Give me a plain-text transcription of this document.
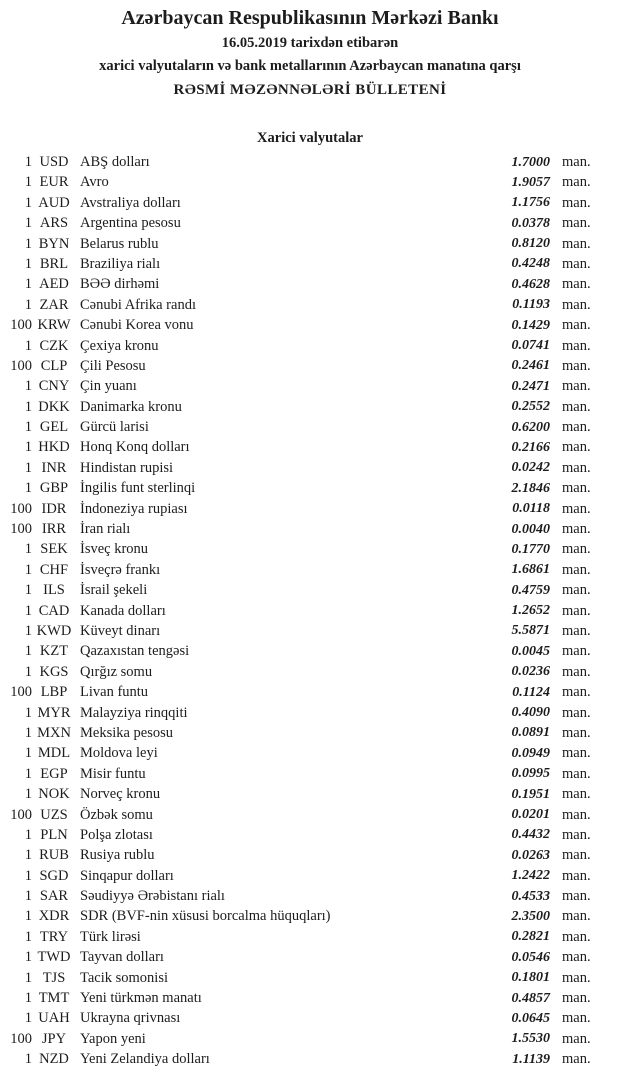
Azərbaycan Respublikasının Mərkəzi Bankı
16.05.2019 tarixdən etibarən
xarici valyutaların və bank metallarının Azərbaycan manatına qarşı
RƏSMİ MƏZƏNNƏLƏRİ BÜLLETENİ
Xarici valyutalar
1 USD ABŞ dolları	1.7000 man.
1 EUR Avro	1.9057 man.
1 AUD Avstraliya dolları	1.1756 man.
1 ARS Argentina pesosu	0.0378 man.
1 BYN Belarus rublu	0.8120 man.
1 BRL Braziliya rialı	0.4248 man.
1 AED BƏƏ dirhəmi	0.4628 man.
1 ZAR Cənubi Afrika randı	0.1193 man.
100 KRW Cənubi Korea vonu	0.1429 man.
1 CZK Çexiya kronu	0.0741 man.
100 CLP Çili Pesosu	0.2461 man.
1 CNY Çin yuanı	0.2471 man.
1 DKK Danimarka kronu	0.2552 man.
1 GEL Gürcü larisi	0.6200 man.
1 HKD Honq Konq dolları	0.2166 man.
1 INR Hindistan rupisi	0.0242 man.
1 GBP İngilis funt sterlinqi	2.1846 man.
100 IDR İndoneziya rupiası	0.0118 man.
100 IRR İran rialı	0.0040 man.
1 SEK İsveç kronu	0.1770 man.
1 CHF İsveçrə frankı	1.6861 man.
1 ILS	İsrail şekeli	0.4759 man.
1 CAD Kanada dolları	1.2652 man.
1 KWD Küveyt dinarı	5.5871 man.
1 KZT Qazaxıstan tengəsi	0.0045 man.
1 KGS Qırğız somu	0.0236 man.
100 LBP Livan funtu	0.1124 man.
1 MYR Malayziya rinqqiti	0.4090 man.
1 MXN Meksika pesosu	0.0891 man.
1 MDL Moldova leyi	0.0949 man.
1 EGP Misir funtu	0.0995 man.
1 NOK Norveç kronu	0.1951 man.
100 UZS Özbək somu	0.0201 man.
1 PLN Polşa zlotası	0.4432 man.
1 RUB Rusiya rublu	0.0263 man.
1 SGD Sinqapur dolları	1.2422 man.
1 SAR Səudiyyə Ərəbistanı rialı	0.4533 man.
1 XDR SDR (BVF-nin xüsusi borcalma hüquqları)	2.3500 man.
1 TRY Türk lirəsi	0.2821 man.
1 TWD Tayvan dolları	0.0546 man.
1 TJS	Tacik somonisi	0.1801 man.
1 TMT Yeni türkmən manatı	0.4857 man.
1 UAH Ukrayna qrivnası	0.0645 man.
100 JPY Yapon yeni	1.5530 man.
1 NZD Yeni Zelandiya dolları	1.1139 man.
